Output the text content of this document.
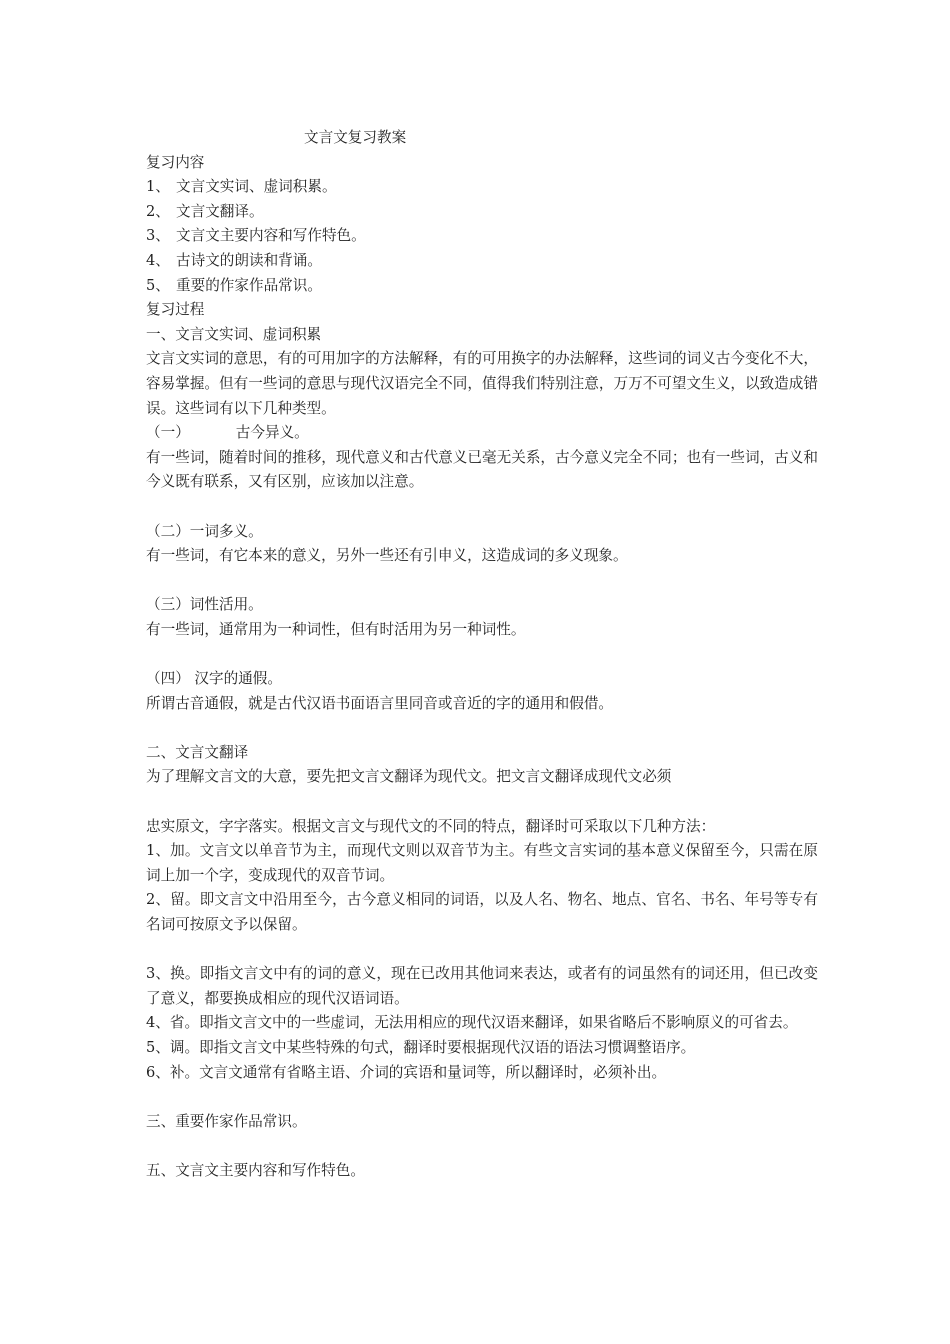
文言文复习教案
复习内容
1、 文言文实词、虚词积累。
2、 文言文翻译。
3、 文言文主要内容和写作特色。
4、 古诗文的朗读和背诵。
5、 重要的作家作品常识。
复习过程
一、文言文实词、虚词积累
文言文实词的意思，有的可用加字的方法解释，有的可用换字的办法解释，这些词的词义古今变化不大，容易掌握。但有一些词的意思与现代汉语完全不同，值得我们特别注意，万万不可望文生义，以致造成错误。这些词有以下几种类型。
（一）	古今异义。
有一些词，随着时间的推移，现代意义和古代意义已毫无关系，古今意义完全不同；也有一些词，古义和今义既有联系，又有区别，应该加以注意。
（二）一词多义。
有一些词，有它本来的意义，另外一些还有引申义，这造成词的多义现象。
（三）词性活用。
有一些词，通常用为一种词性，但有时活用为另一种词性。
（四） 汉字的通假。
所谓古音通假，就是古代汉语书面语言里同音或音近的字的通用和假借。
二、文言文翻译
为了理解文言文的大意，要先把文言文翻译为现代文。把文言文翻译成现代文必须
忠实原文，字字落实。根据文言文与现代文的不同的特点，翻译时可采取以下几种方法：
1、加。文言文以单音节为主，而现代文则以双音节为主。有些文言实词的基本意义保留至今，只需在原词上加一个字，变成现代的双音节词。
2、留。即文言文中沿用至今，古今意义相同的词语，以及人名、物名、地点、官名、书名、年号等专有名词可按原文予以保留。
3、换。即指文言文中有的词的意义，现在已改用其他词来表达，或者有的词虽然有的词还用，但已改变了意义，都要换成相应的现代汉语词语。
4、省。即指文言文中的一些虚词，无法用相应的现代汉语来翻译，如果省略后不影响原义的可省去。
5、调。即指文言文中某些特殊的句式，翻译时要根据现代汉语的语法习惯调整语序。
6、补。文言文通常有省略主语、介词的宾语和量词等，所以翻译时，必须补出。
三、重要作家作品常识。
五、文言文主要内容和写作特色。
